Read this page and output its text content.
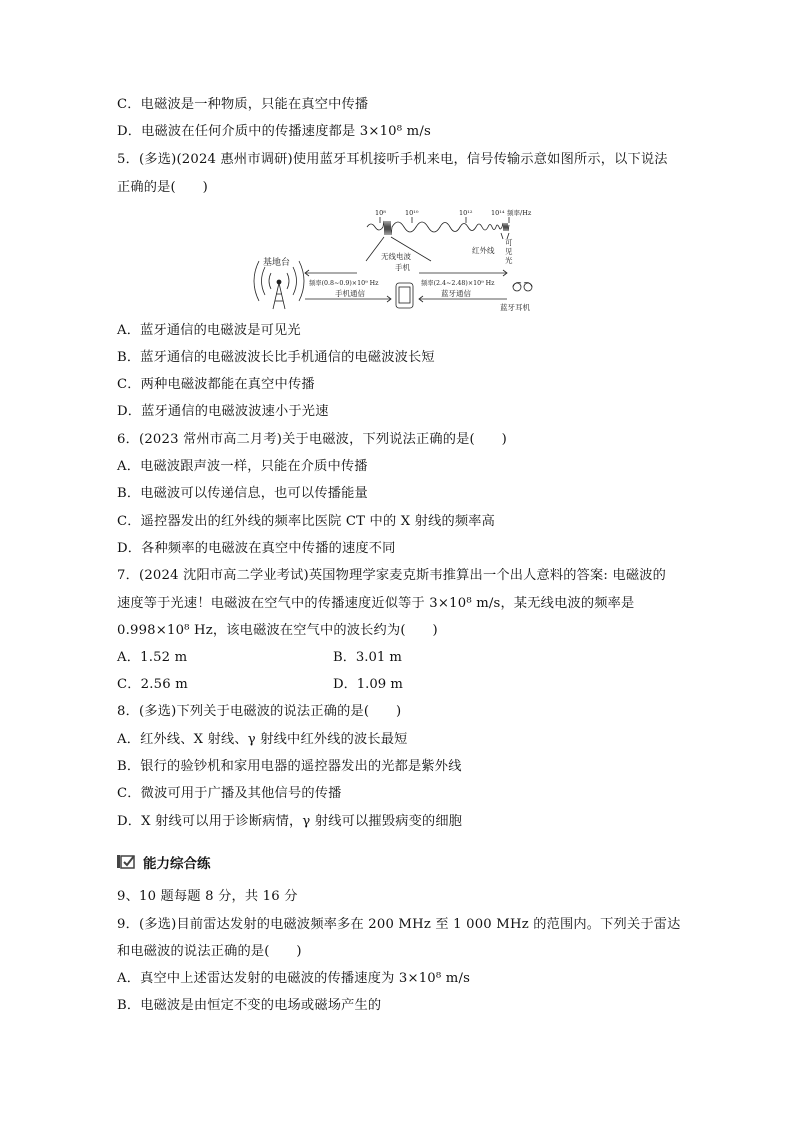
C．电磁波是一种物质，只能在真空中传播
D．电磁波在任何介质中的传播速度都是 3×10⁸ m/s
5．(多选)(2024 惠州市调研)使用蓝牙耳机接听手机来电，信号传输示意如图所示，以下说法
正确的是(　　)
10⁸	10¹⁰	10¹²	10¹⁴ 频率/Hz
红外线
可
见
光
无线电波
手机
基地台
频率(0.8~0.9)×10⁹ Hz	频率(2.4~2.48)×10⁹ Hz
手机通信	蓝牙通信
蓝牙耳机
A．蓝牙通信的电磁波是可见光
B．蓝牙通信的电磁波波长比手机通信的电磁波波长短
C．两种电磁波都能在真空中传播
D．蓝牙通信的电磁波波速小于光速
6．(2023 常州市高二月考)关于电磁波，下列说法正确的是(　　)
A．电磁波跟声波一样，只能在介质中传播
B．电磁波可以传递信息，也可以传播能量
C．遥控器发出的红外线的频率比医院 CT 中的 X 射线的频率高
D．各种频率的电磁波在真空中传播的速度不同
7．(2024 沈阳市高二学业考试)英国物理学家麦克斯韦推算出一个出人意料的答案: 电磁波的
速度等于光速！电磁波在空气中的传播速度近似等于 3×10⁸ m/s，某无线电波的频率是
0.998×10⁸ Hz，该电磁波在空气中的波长约为(　　)
A．1.52 m	B．3.01 m
C．2.56 m	D．1.09 m
8．(多选)下列关于电磁波的说法正确的是(　　)
A．红外线、X 射线、γ 射线中红外线的波长最短
B．银行的验钞机和家用电器的遥控器发出的光都是紫外线
C．微波可用于广播及其他信号的传播
D．X 射线可以用于诊断病情，γ 射线可以摧毁病变的细胞
能力综合练
9、10 题每题 8 分，共 16 分
9．(多选)目前雷达发射的电磁波频率多在 200 MHz 至 1 000 MHz 的范围内。下列关于雷达
和电磁波的说法正确的是(　　)
A．真空中上述雷达发射的电磁波的传播速度为 3×10⁸ m/s
B．电磁波是由恒定不变的电场或磁场产生的
